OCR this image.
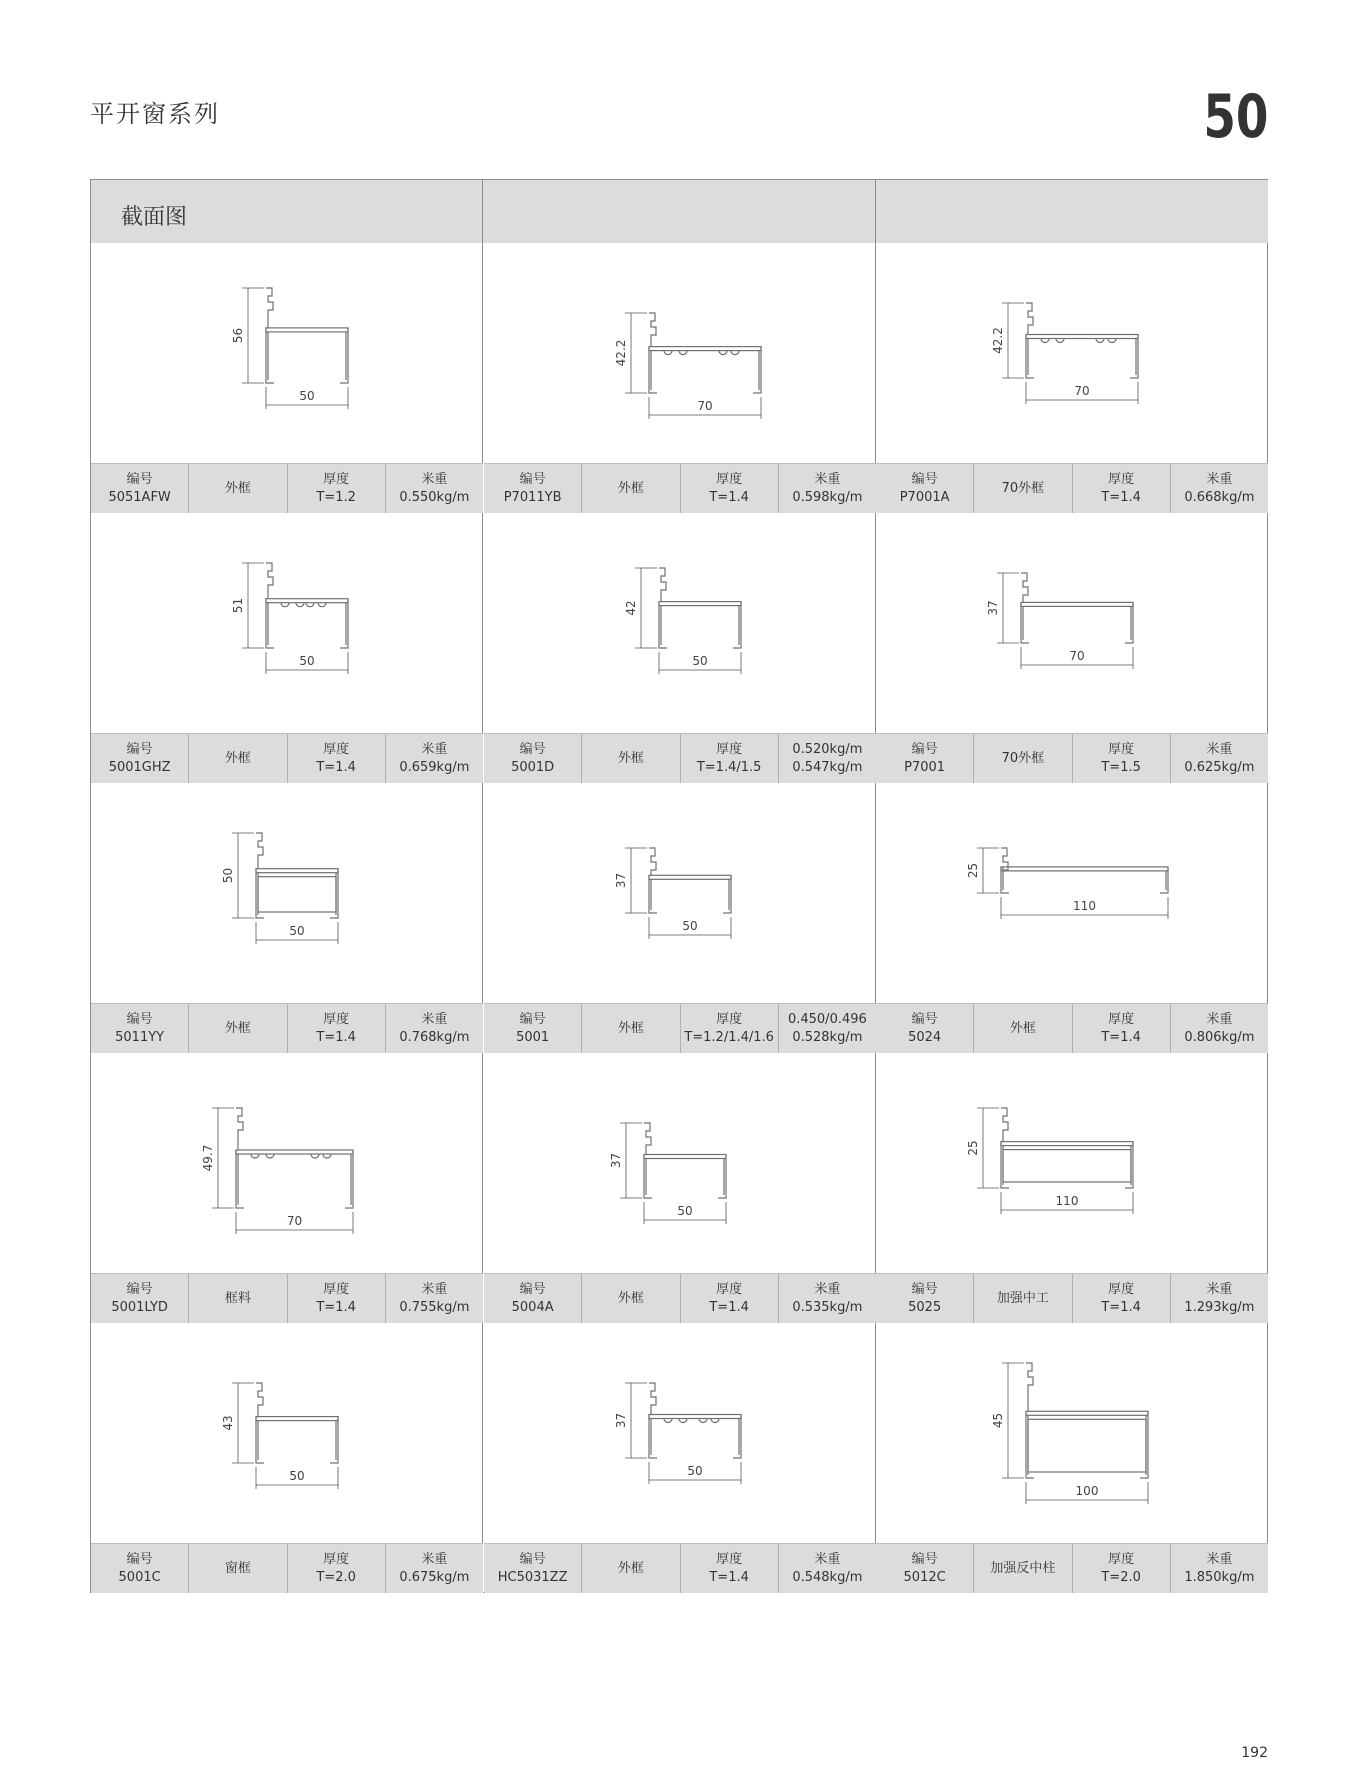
平开窗系列	50
截面图
56
50
编号
5051AFW
外框
厚度
T=1.2
米重
0.550kg/m
42.2
70
编号
P7011YB
外框
厚度
T=1.4
米重
0.598kg/m
42.2
70
编号
P7001A
70外框
厚度
T=1.4
米重
0.668kg/m
51
50
编号
5001GHZ
外框
厚度
T=1.4
米重
0.659kg/m
42
50
编号
5001D
外框
厚度
T=1.4/1.5
0.520kg/m
0.547kg/m
37
70
编号
P7001
70外框
厚度
T=1.5
米重
0.625kg/m
50
50
编号
5011YY
外框
厚度
T=1.4
米重
0.768kg/m
37
50
编号
5001
外框
厚度
T=1.2/1.4/1.6
0.450/0.496
0.528kg/m
25
110
编号
5024
外框
厚度
T=1.4
米重
0.806kg/m
49.7
70
编号
5001LYD
框料
厚度
T=1.4
米重
0.755kg/m
37
50
编号
5004A
外框
厚度
T=1.4
米重
0.535kg/m
25
110
编号
5025
加强中工
厚度
T=1.4
米重
1.293kg/m
43
50
编号
5001C
窗框
厚度
T=2.0
米重
0.675kg/m
37
50
编号
HC5031ZZ
外框
厚度
T=1.4
米重
0.548kg/m
45
100
编号
5012C
加强反中柱
厚度
T=2.0
米重
1.850kg/m
192
